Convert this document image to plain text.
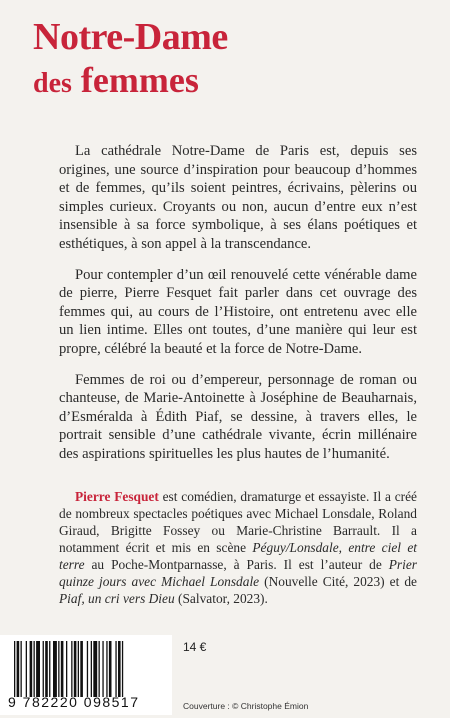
Notre-Dame
des femmes

La cathédrale Notre-Dame de Paris est, depuis ses origines, une source d’inspiration pour beaucoup d’hommes et de femmes, qu’ils soient peintres, écrivains, pèlerins ou simples curieux. Croyants ou non, aucun d’entre eux n’est insensible à sa force symbolique, à ses élans poétiques et esthétiques, à son appel à la transcendance.

Pour contempler d’un œil renouvelé cette vénérable dame de pierre, Pierre Fesquet fait parler dans cet ouvrage des femmes qui, au cours de l’Histoire, ont entretenu avec elle un lien intime. Elles ont toutes, d’une manière qui leur est propre, célébré la beauté et la force de Notre-Dame.

Femmes de roi ou d’empereur, personnage de roman ou chanteuse, de Marie-Antoinette à Joséphine de Beauharnais, d’Esméralda à Édith Piaf, se dessine, à travers elles, le portrait sensible d’une cathédrale vivante, écrin millénaire des aspirations spirituelles les plus hautes de l’humanité.

Pierre Fesquet est comédien, dramaturge et essayiste. Il a créé de nombreux spectacles poétiques avec Michael Lonsdale, Roland Giraud, Brigitte Fossey ou Marie-Christine Barrault. Il a notamment écrit et mis en scène Péguy/Lonsdale, entre ciel et terre au Poche-Montparnasse, à Paris. Il est l’auteur de Prier quinze jours avec Michael Lonsdale (Nouvelle Cité, 2023) et de Piaf, un cri vers Dieu (Salvator, 2023).
9 782220 098517
14 €
Couverture : © Christophe Émion
